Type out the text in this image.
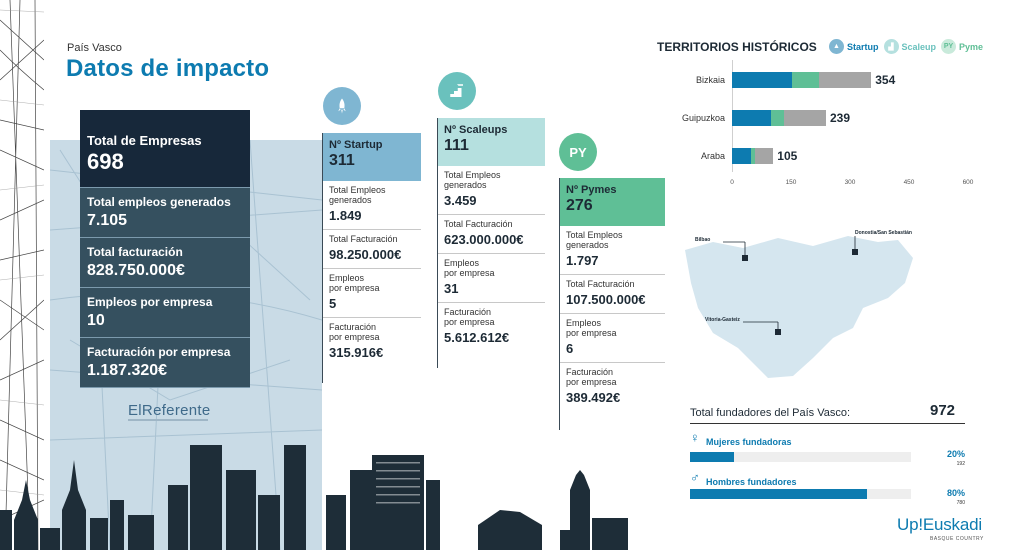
País Vasco
Datos de impacto
Total de Empresas
698
Total empleos generados
7.105
Total facturación
828.750.000€
Empleos por empresa
10
Facturación por empresa
1.187.320€
ElReferente
PY
Nº Startup
311
Total Empleos
generados
1.849
Total Facturación
98.250.000€
Empleos
por empresa
5
Facturación
por empresa
315.916€
Nº Scaleups
111
Total Empleos
generados
3.459
Total Facturación
623.000.000€
Empleos
por empresa
31
Facturación
por empresa
5.612.612€
Nº Pymes
276
Total Empleos
generados
1.797
Total Facturación
107.500.000€
Empleos
por empresa
6
Facturación
por empresa
389.492€
TERRITORIOS HISTÓRICOS	▲ Startup	▟ Scaleup	PY Pyme
Bizkaia	354
Guipuzkoa	239
Araba	105
0	150	300	450	600
Bilbao
Donostia/San Sebastián
Vitoria-Gasteiz
Total fundadores del País Vasco:	972
♀ Mujeres fundadoras
20%
192
♂ Hombres fundadores
80%
780
Up!Euskadi
BASQUE COUNTRY
